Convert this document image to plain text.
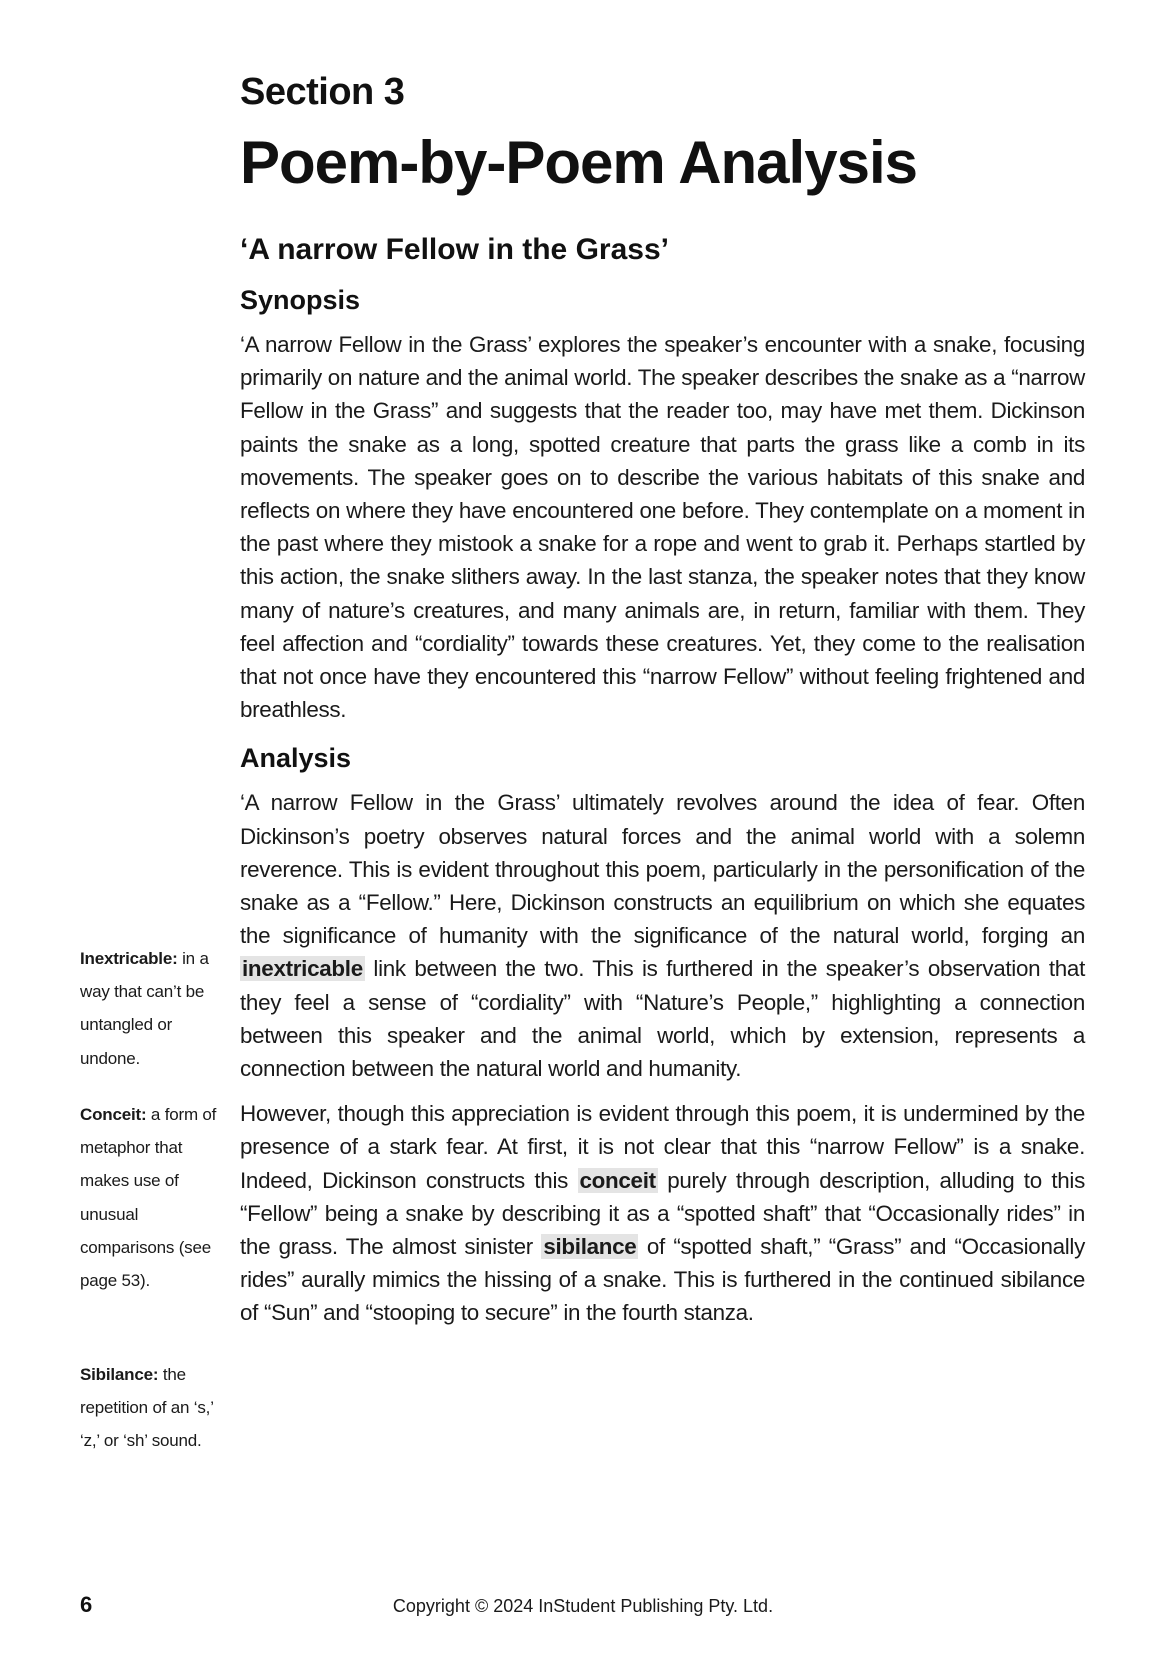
Section 3
Poem-by-Poem Analysis
‘A narrow Fellow in the Grass’
Synopsis

‘A narrow Fellow in the Grass’ explores the speaker’s encounter with a snake, focusing primarily on nature and the animal world. The speaker describes the snake as a “narrow Fellow in the Grass” and suggests that the reader too, may have met them. Dickinson paints the snake as a long, spotted creature that parts the grass like a comb in its movements. The speaker goes on to describe the various habitats of this snake and reflects on where they have encountered one before. They contemplate on a moment in the past where they mistook a snake for a rope and went to grab it. Perhaps startled by this action, the snake slithers away. In the last stanza, the speaker notes that they know many of nature’s creatures, and many animals are, in return, familiar with them. They feel affection and “cordiality” towards these creatures. Yet, they come to the realisation that not once have they encountered this “narrow Fellow” without feeling frightened and breathless.

Analysis

‘A narrow Fellow in the Grass’ ultimately revolves around the idea of fear. Often Dickinson’s poetry observes natural forces and the animal world with a solemn reverence. This is evident throughout this poem, particularly in the personification of the snake as a “Fellow.” Here, Dickinson constructs an equilibrium on which she equates the significance of humanity with the significance of the natural world, forging an inextricable link between the two. This is furthered in the speaker’s observation that they feel a sense of “cordiality” with “Nature’s People,” highlighting a connection between this speaker and the animal world, which by extension, represents a connection between the natural world and humanity.

However, though this appreciation is evident through this poem, it is undermined by the presence of a stark fear. At first, it is not clear that this “narrow Fellow” is a snake. Indeed, Dickinson constructs this conceit purely through description, alluding to this “Fellow” being a snake by describing it as a “spotted shaft” that “Occasionally rides” in the grass. The almost sinister sibilance of “spotted shaft,” “Grass” and “Occasionally rides” aurally mimics the hissing of a snake. This is furthered in the continued sibilance of “Sun” and “stooping to secure” in the fourth stanza.

Inextricable: in a way that can’t be untangled or undone.
Conceit: a form of metaphor that makes use of unusual comparisons (see page 53).
Sibilance: the repetition of an ‘s,’ ‘z,’ or ‘sh’ sound.
6	Copyright © 2024 InStudent Publishing Pty. Ltd.
